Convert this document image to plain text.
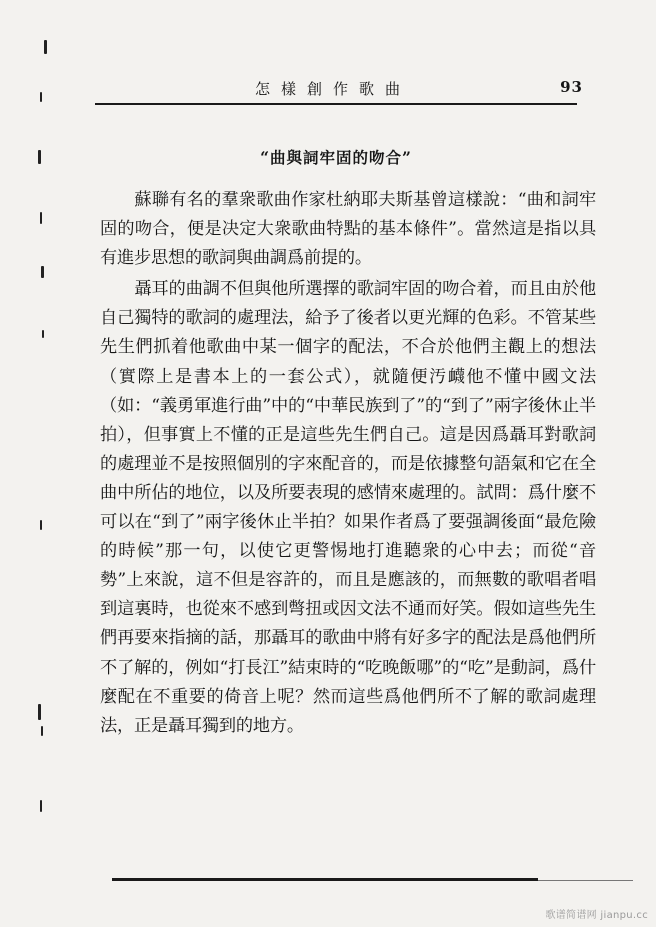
怎樣創作歌曲	93
“曲與詞牢固的吻合”

蘇聯有名的羣衆歌曲作家杜納耶夫斯基曾這樣說：“曲和詞牢固的吻合，便是决定大衆歌曲特點的基本條件”。當然這是指以具有進步思想的歌詞與曲調爲前提的。

聶耳的曲調不但與他所選擇的歌詞牢固的吻合着，而且由於他自己獨特的歌詞的處理法，給予了後者以更光輝的色彩。不管某些先生們抓着他歌曲中某一個字的配法，不合於他們主觀上的想法（實際上是書本上的一套公式），就隨便汚衊他不懂中國文法（如：“義勇軍進行曲”中的“中華民族到了”的“到了”兩字後休止半拍），但事實上不懂的正是這些先生們自己。這是因爲聶耳對歌詞的處理並不是按照個別的字來配音的，而是依據整句語氣和它在全曲中所佔的地位，以及所要表現的感情來處理的。試問：爲什麼不可以在“到了”兩字後休止半拍？如果作者爲了要强調後面“最危險的時候”那一句，以使它更警惕地打進聽衆的心中去；而從“音勢”上來說，這不但是容許的，而且是應該的，而無數的歌唱者唱到這裏時，也從來不感到彆扭或因文法不通而好笑。假如這些先生們再要來指摘的話，那聶耳的歌曲中將有好多字的配法是爲他們所不了解的，例如“打長江”結束時的“吃晚飯哪”的“吃”是動詞，爲什麼配在不重要的倚音上呢？然而這些爲他們所不了解的歌詞處理法，正是聶耳獨到的地方。

歌谱简谱网 jianpu.cc
